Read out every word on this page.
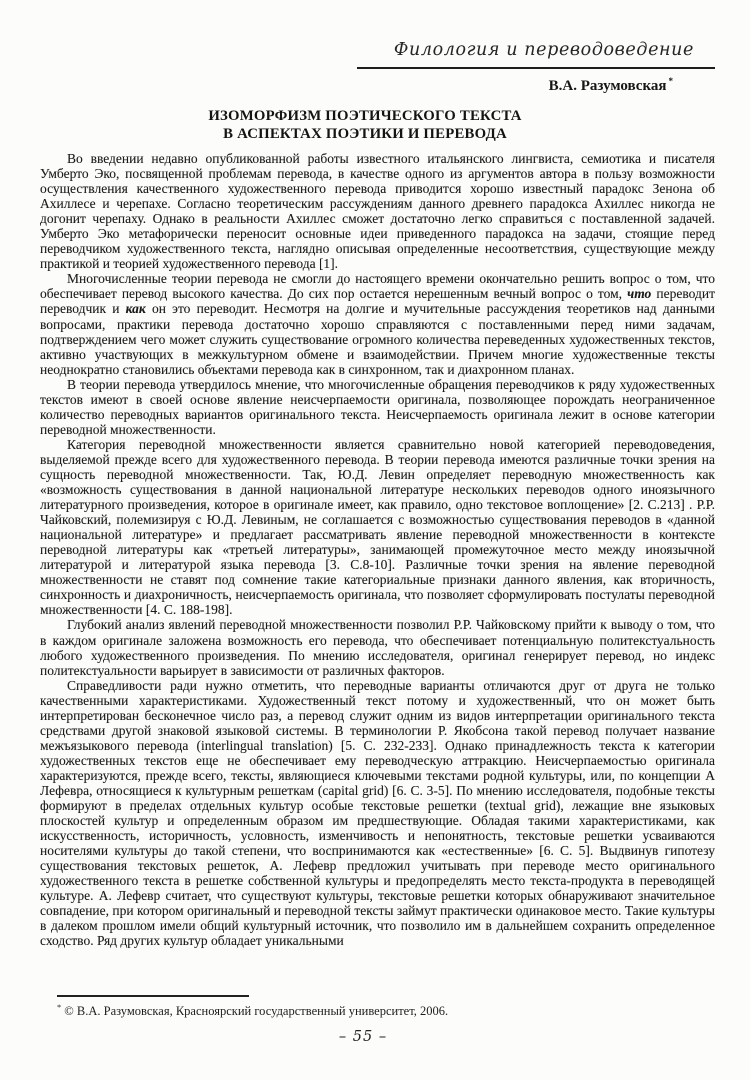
Филология и переводоведение
В.А. Разумовская *
ИЗОМОРФИЗМ ПОЭТИЧЕСКОГО ТЕКСТА
В АСПЕКТАХ ПОЭТИКИ И ПЕРЕВОДА

Во введении недавно опубликованной работы известного итальянского лингвиста, семиотика и писателя Умберто Эко, посвященной проблемам перевода, в качестве одного из аргументов автора в пользу возможности осуществления качественного художественного перевода приводится хорошо известный парадокс Зенона об Ахиллесе и черепахе. Согласно теоретическим рассуждениям данного древнего парадокса Ахиллес никогда не догонит черепаху. Однако в реальности Ахиллес сможет достаточно легко справиться с поставленной задачей. Умберто Эко метафорически переносит основные идеи приведенного парадокса на задачи, стоящие перед переводчиком художественного текста, наглядно описывая определенные несоответствия, существующие между практикой и теорией художественного перевода [1].

Многочисленные теории перевода не смогли до настоящего времени окончательно решить вопрос о том, что обеспечивает перевод высокого качества. До сих пор остается нерешенным вечный вопрос о том, что переводит переводчик и как он это переводит. Несмотря на долгие и мучительные рассуждения теоретиков над данными вопросами, практики перевода достаточно хорошо справляются с поставленными перед ними задачам, подтверждением чего может служить существование огромного количества переведенных художественных текстов, активно участвующих в межкультурном обмене и взаимодействии. Причем многие художественные тексты неоднократно становились объектами перевода как в синхронном, так и диахронном планах.

В теории перевода утвердилось мнение, что многочисленные обращения переводчиков к ряду художественных текстов имеют в своей основе явление неисчерпаемости оригинала, позволяющее порождать неограниченное количество переводных вариантов оригинального текста. Неисчерпаемость оригинала лежит в основе категории переводной множественности.

Категория переводной множественности является сравнительно новой категорией переводоведения, выделяемой прежде всего для художественного перевода. В теории перевода имеются различные точки зрения на сущность переводной множественности. Так, Ю.Д. Левин определяет переводную множественность как «возможность существования в данной национальной литературе нескольких переводов одного иноязычного литературного произведения, которое в оригинале имеет, как правило, одно текстовое воплощение» [2. С.213] . Р.Р. Чайковский, полемизируя с Ю.Д. Левиным, не соглашается с возможностью существования переводов в «данной национальной литературе» и предлагает рассматривать явление переводной множественности в контексте переводной литературы как «третьей литературы», занимающей промежуточное место между иноязычной литературой и литературой языка перевода [3. С.8-10]. Различные точки зрения на явление переводной множественности не ставят под сомнение такие категориальные признаки данного явления, как вторичность, синхронность и диахроничность, неисчерпаемость оригинала, что позволяет сформулировать постулаты переводной множественности [4. С. 188-198].

Глубокий анализ явлений переводной множественности позволил Р.Р. Чайковскому прийти к выводу о том, что в каждом оригинале заложена возможность его перевода, что обеспечивает потенциальную политекстуальность любого художественного произведения. По мнению исследователя, оригинал генерирует перевод, но индекс политекстуальности варьирует в зависимости от различных факторов.

Справедливости ради нужно отметить, что переводные варианты отличаются друг от друга не только качественными характеристиками. Художественный текст потому и художественный, что он может быть интерпретирован бесконечное число раз, а перевод служит одним из видов интерпретации оригинального текста средствами другой знаковой языковой системы. В терминологии Р. Якобсона такой перевод получает название межъязыкового перевода (interlingual translation) [5. С. 232-233]. Однако принадлежность текста к категории художественных текстов еще не обеспечивает ему переводческую аттракцию. Неисчерпаемостью оригинала характеризуются, прежде всего, тексты, являющиеся ключевыми текстами родной культуры, или, по концепции А Лефевра, относящиеся к культурным решеткам (capital grid) [6. С. 3-5]. По мнению исследователя, подобные тексты формируют в пределах отдельных культур особые текстовые решетки (textual grid), лежащие вне языковых плоскостей культур и определенным образом им предшествующие. Обладая такими характеристиками, как искусственность, историчность, условность, изменчивость и непонятность, текстовые решетки усваиваются носителями культуры до такой степени, что воспринимаются как «естественные» [6. С. 5]. Выдвинув гипотезу существования текстовых решеток, А. Лефевр предложил учитывать при переводе место оригинального художественного текста в решетке собственной культуры и предопределять место текста-продукта в переводящей культуре. А. Лефевр считает, что существуют культуры, текстовые решетки которых обнаруживают значительное совпадение, при котором оригинальный и переводной тексты займут практически одинаковое место. Такие культуры в далеком прошлом имели общий культурный источник, что позволило им в дальнейшем сохранить определенное сходство. Ряд других культур обладает уникальными

* © В.А. Разумовская, Красноярский государственный университет, 2006.
– 55 –
